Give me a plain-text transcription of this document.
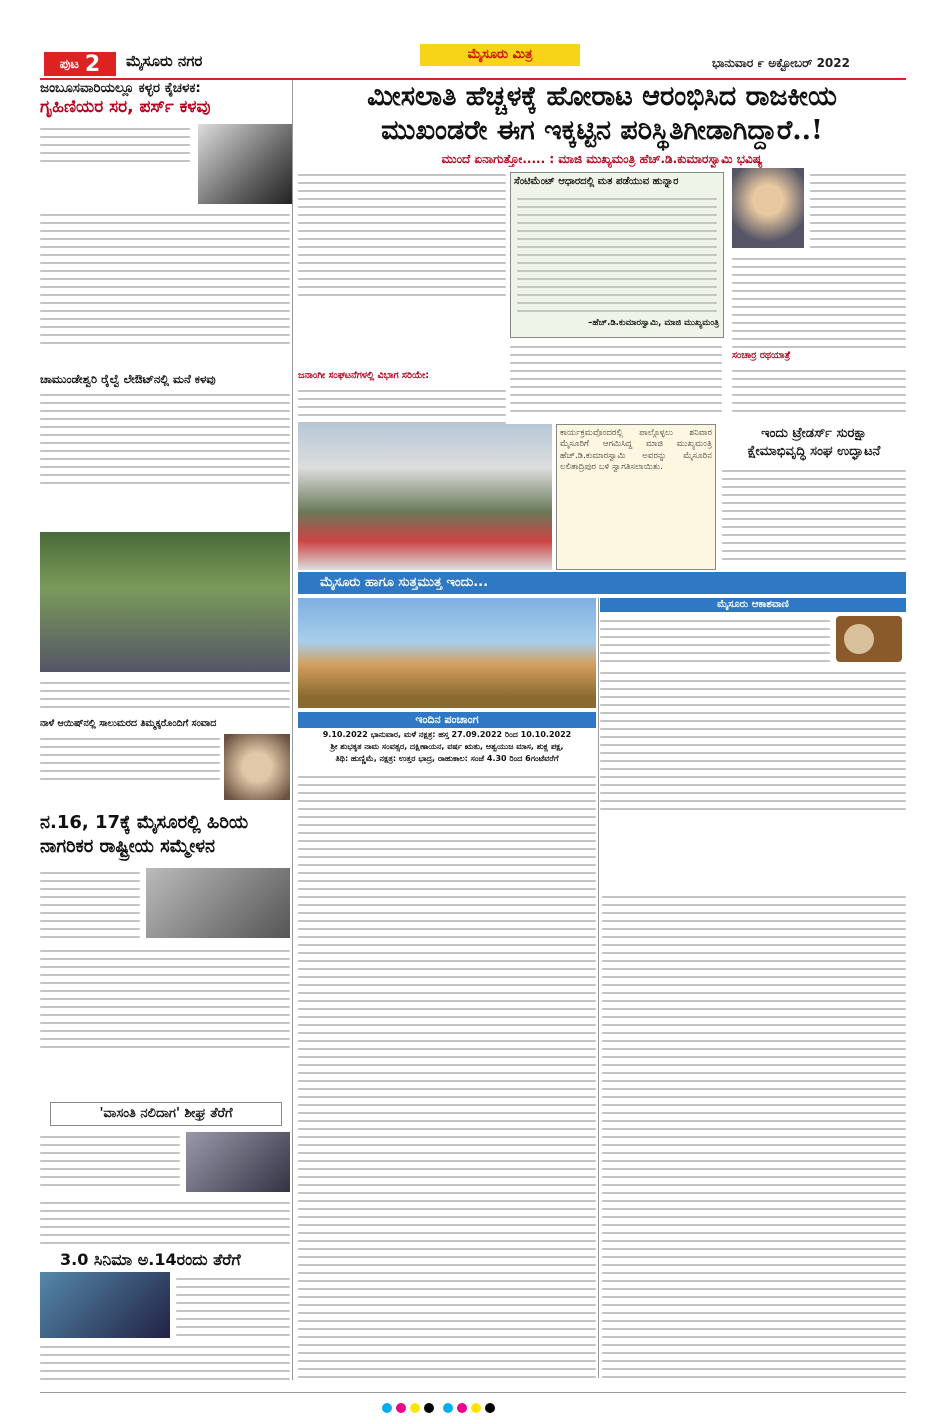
ಪುಟ 2 ಮೈಸೂರು ನಗರ	ಮೈಸೂರು ಮಿತ್ರ
ಭಾನುವಾರ ೯ ಅಕ್ಟೋಬರ್ 2022
ಜಂಬೂಸವಾರಿಯಲ್ಲೂ ಕಳ್ಳರ ಕೈಚಳಕ:
ಗೃಹಿಣಿಯರ ಸರ, ಪರ್ಸ್ ಕಳವು
ಚಾಮುಂಡೇಶ್ವರಿ ರೈಲ್ವೆ ಲೇಔಟ್‌ನಲ್ಲಿ ಮನೆ ಕಳವು
ನಾಳೆ ಆಯಿಷ್‌ನಲ್ಲಿ ಸಾಲುಮರದ ತಿಮ್ಮಕ್ಕರೊಂದಿಗೆ ಸಂವಾದ
ನ.16, 17ಕ್ಕೆ ಮೈಸೂರಲ್ಲಿ ಹಿರಿಯ
ನಾಗರಿಕರ ರಾಷ್ಟ್ರೀಯ ಸಮ್ಮೇಳನ
'ವಾಸಂತಿ ನಲಿದಾಗ' ಶೀಘ್ರ ತೆರೆಗೆ
3.0 ಸಿನಿಮಾ ಅ.14ರಂದು ತೆರೆಗೆ
ಮೀಸಲಾತಿ ಹೆಚ್ಚಳಕ್ಕೆ ಹೋರಾಟ ಆರಂಭಿಸಿದ ರಾಜಕೀಯ
ಮುಖಂಡರೇ ಈಗ ಇಕ್ಕಟ್ಟಿನ ಪರಿಸ್ಥಿತಿಗೀಡಾಗಿದ್ದಾರೆ..!
ಮುಂದೆ ಏನಾಗುತ್ತೋ..... : ಮಾಜಿ ಮುಖ್ಯಮಂತ್ರಿ ಹೆಚ್.ಡಿ.ಕುಮಾರಸ್ವಾಮಿ ಭವಿಷ್ಯ
ಸೆಂಟಿಮೆಂಟ್ ಆಧಾರದಲ್ಲಿ ಮತ ಪಡೆಯುವ ಹುನ್ನಾರ
–ಹೆಚ್.ಡಿ.ಕುಮಾರಸ್ವಾಮಿ, ಮಾಜಿ ಮುಖ್ಯಮಂತ್ರಿ
ಜನಾಂಗೀ ಸಂಘಟನೆಗಳಲ್ಲಿ ವಿಭಾಗ ಸರಿಯೇ:
ಸಂಚಾರ್ರ ರಥಯಾತ್ರೆ
ಕಾರ್ಯಕ್ರಮವೊಂದರಲ್ಲಿ ಪಾಲ್ಗೊಳ್ಳಲು ಶನಿವಾರ ಮೈಸೂರಿಗೆ ಆಗಮಿಸಿದ್ದ ಮಾಜಿ ಮುಖ್ಯಮಂತ್ರಿ ಹೆಚ್.ಡಿ.ಕುಮಾರಸ್ವಾಮಿ ಅವರನ್ನು ಮೈಸೂರಿನ ಲಲಿತಾದ್ರಿಪುರ ಬಳಿ ಸ್ವಾಗತಿಸಲಾಯಿತು.
ಇಂದು ಟ್ರೇಡರ್ಸ್ ಸುರಕ್ಷಾ
ಕ್ಷೇಮಾಭಿವೃದ್ಧಿ ಸಂಘ ಉದ್ಘಾಟನೆ
ಮೈಸೂರು ಹಾಗೂ ಸುತ್ತಮುತ್ತ ಇಂದು...
ಮೈಸೂರು ಆಕಾಶವಾಣಿ
ಇಂದಿನ ಪಂಚಾಂಗ
9.10.2022 ಭಾನುವಾರ, ಮಳೆ ನಕ್ಷತ್ರ: ಹಸ್ತ 27.09.2022 ರಿಂದ 10.10.2022
ಶ್ರೀ ಶುಭಕೃತ ನಾಮ ಸಂವತ್ಸರ, ದಕ್ಷಿಣಾಯನ, ವರ್ಷ ಋತು, ಆಶ್ವಯುಜ ಮಾಸ, ಶುಕ್ಲ ಪಕ್ಷ,
ತಿಥಿ: ಹುಣ್ಣಿಮೆ, ನಕ್ಷತ್ರ: ಉತ್ತರ ಭಾದ್ರ, ರಾಹುಕಾಲ: ಸಂಜೆ 4.30 ರಿಂದ 6ಗಂಟೆವರೆಗೆ
